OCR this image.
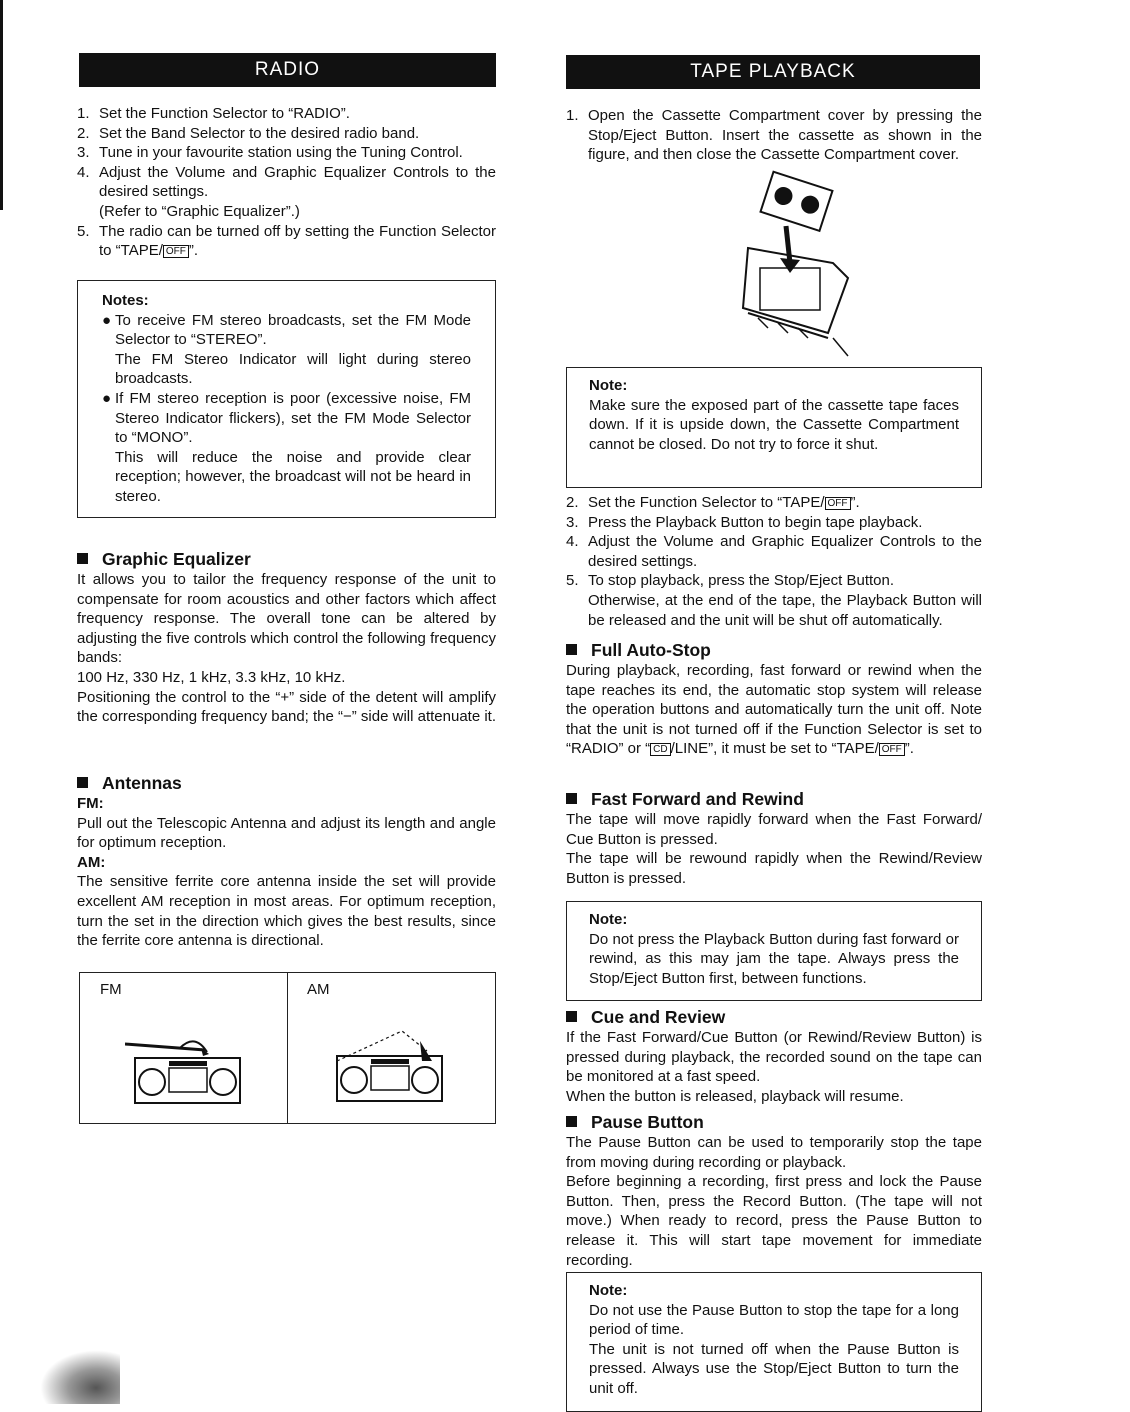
RADIO
1. Set the Function Selector to “RADIO”.
2. Set the Band Selector to the desired radio band.
3. Tune in your favourite station using the Tuning Control.
4. Adjust the Volume and Graphic Equalizer Controls to the desired settings.
(Refer to “Graphic Equalizer”.)
5. The radio can be turned off by setting the Function Selector to “TAPE/ OFF ”.
Notes:
● To receive FM stereo broadcasts, set the FM Mode Selector to “STEREO”.

The FM Stereo Indicator will light during stereo broadcasts.

● If FM stereo reception is poor (excessive noise, FM Stereo Indicator flickers), set the FM Mode Selector to “MONO”.

This will reduce the noise and provide clear reception; however, the broadcast will not be heard in stereo.

Graphic Equalizer

It allows you to tailor the frequency response of the unit to compensate for room acoustics and other factors which affect frequency response. The overall tone can be altered by adjusting the five controls which control the following frequency bands:

100 Hz, 330 Hz, 1 kHz, 3.3 kHz, 10 kHz.

Positioning the control to the “+” side of the detent will amplify the corresponding frequency band; the “−” side will attenuate it.

Antennas
FM:

Pull out the Telescopic Antenna and adjust its length and angle for optimum reception.

AM:

The sensitive ferrite core antenna inside the set will provide excellent AM reception in most areas. For optimum reception, turn the set in the direction which gives the best results, since the ferrite core antenna is directional.

FM	AM
TAPE PLAYBACK
1. Open the Cassette Compartment cover by pressing the Stop/Eject Button. Insert the cassette as shown in the figure, and then close the Cassette Compartment cover.
Note:

Make sure the exposed part of the cassette tape faces down. If it is upside down, the Cassette Compartment cannot be closed. Do not try to force it shut.

2. Set the Function Selector to “TAPE/ OFF ”.
3. Press the Playback Button to begin tape playback.
4. Adjust the Volume and Graphic Equalizer Controls to the desired settings.
5. To stop playback, press the Stop/Eject Button.
Otherwise, at the end of the tape, the Playback Button will be released and the unit will be shut off automatically.
Full Auto-Stop

During playback, recording, fast forward or rewind when the tape reaches its end, the automatic stop system will release the operation buttons and automatically turn the unit off. Note that the unit is not turned off if the Function Selector is set to “RADIO” or “ CD /LINE”, it must be set to “TAPE/ OFF ”.

Fast Forward and Rewind

The tape will move rapidly forward when the Fast Forward/ Cue Button is pressed.

The tape will be rewound rapidly when the Rewind/Review Button is pressed.

Note:

Do not press the Playback Button during fast forward or rewind, as this may jam the tape. Always press the Stop/Eject Button first, between functions.

Cue and Review

If the Fast Forward/Cue Button (or Rewind/Review Button) is pressed during playback, the recorded sound on the tape can be monitored at a fast speed.

When the button is released, playback will resume.

Pause Button

The Pause Button can be used to temporarily stop the tape from moving during recording or playback.

Before beginning a recording, first press and lock the Pause Button. Then, press the Record Button. (The tape will not move.) When ready to record, press the Pause Button to release it. This will start tape movement for immediate recording.

Note:

Do not use the Pause Button to stop the tape for a long period of time.

The unit is not turned off when the Pause Button is pressed. Always use the Stop/Eject Button to turn the unit off.
